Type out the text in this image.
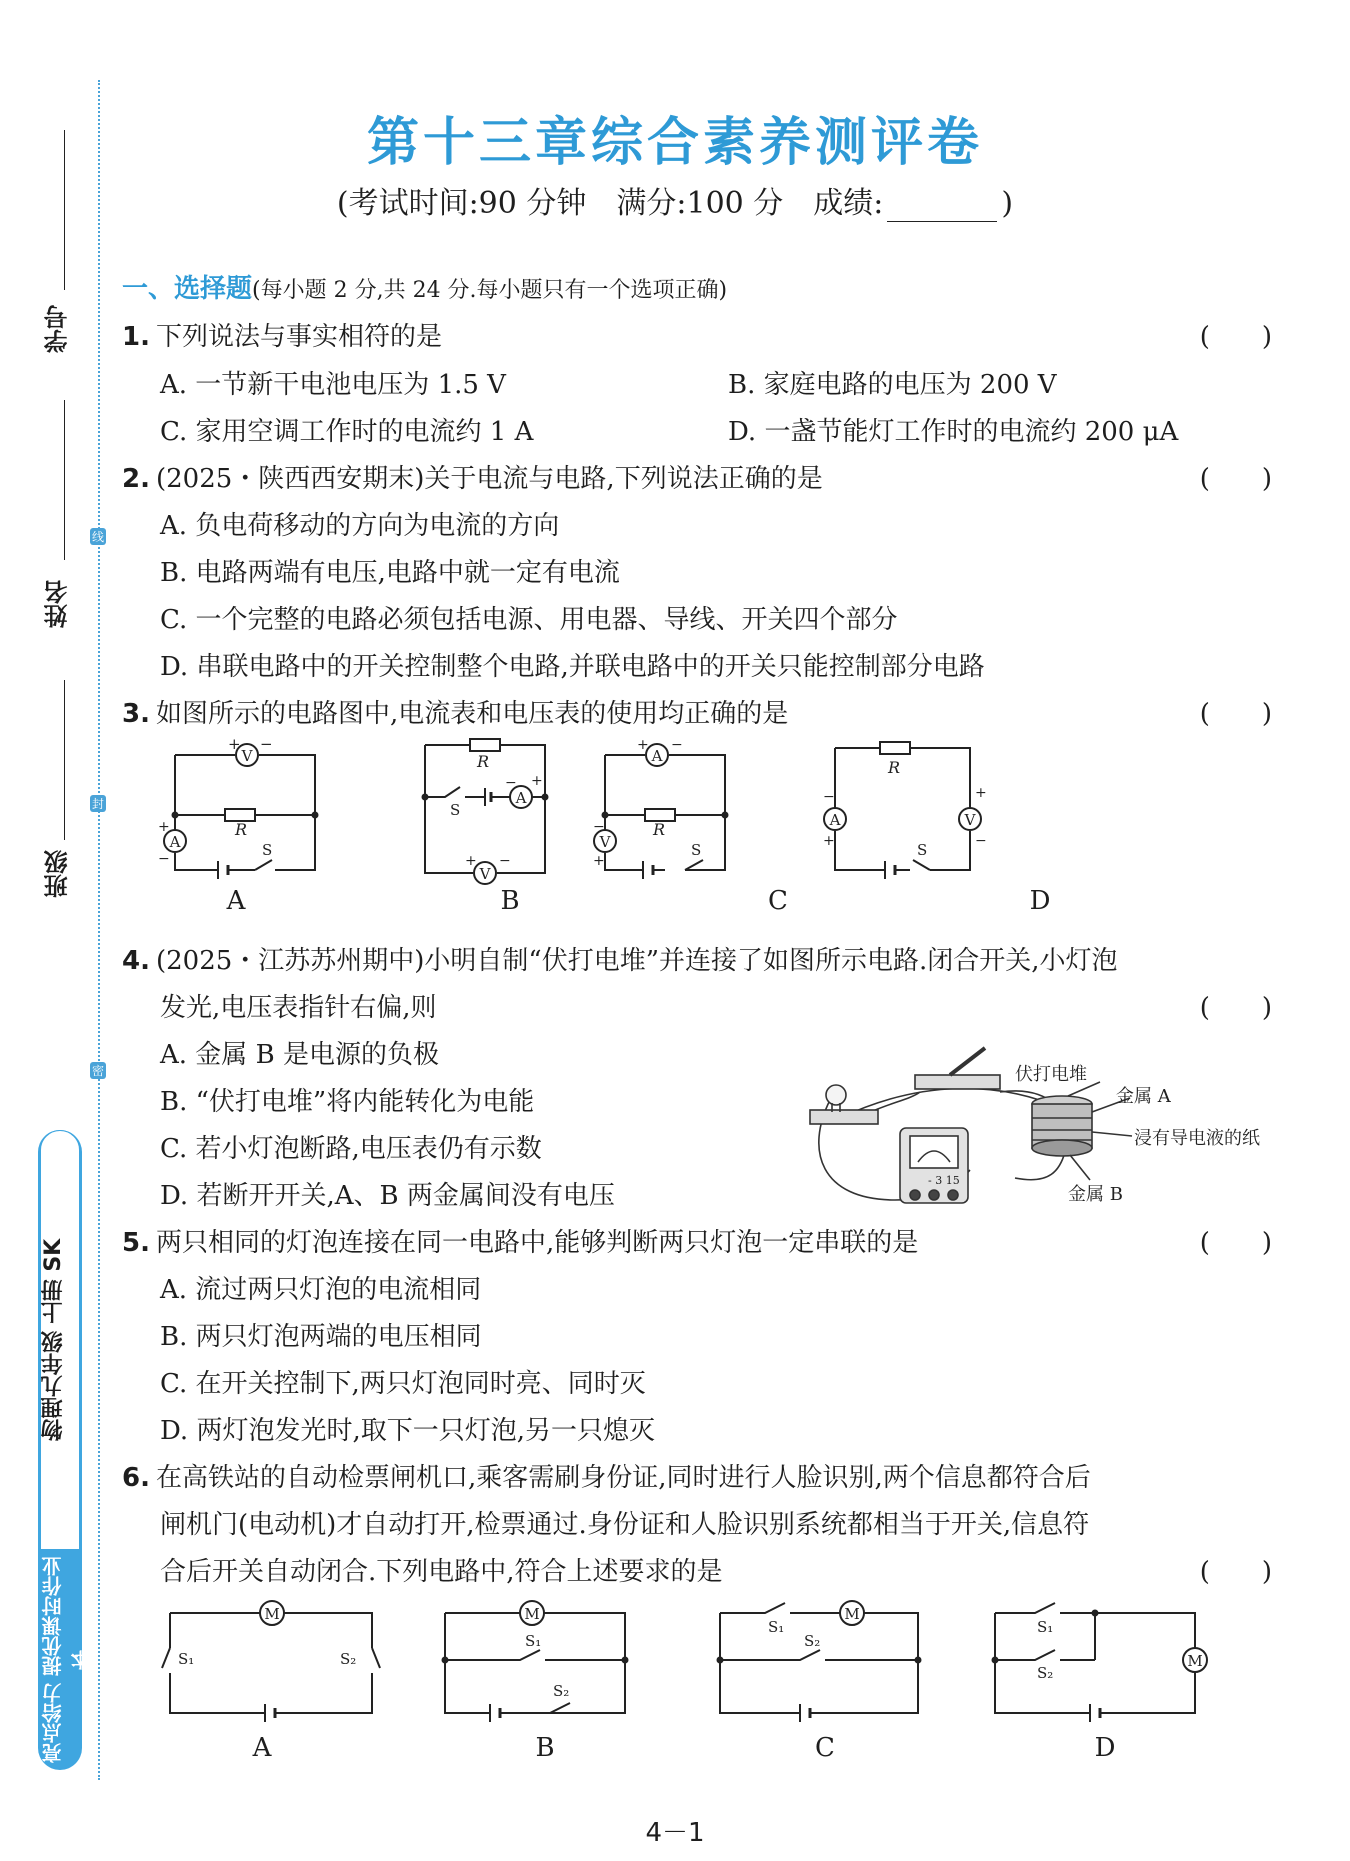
学号
姓名
班级
线
封
密
物理九年级 上册 SK
亮点给力 提优课时作业本
第十三章综合素养测评卷
(考试时间:90 分钟　满分:100 分　成绩:	)
一、选择题(每小题 2 分,共 24 分.每小题只有一个选项正确)
1. 下列说法与事实相符的是	(　　)
A. 一节新干电池电压为 1.5 V	B. 家庭电路的电压为 200 V
C. 家用空调工作时的电流约 1 A	D. 一盏节能灯工作时的电流约 200 μA
2. (2025・陕西西安期末)关于电流与电路,下列说法正确的是	(　　)
A. 负电荷移动的方向为电流的方向
B. 电路两端有电压,电路中就一定有电流
C. 一个完整的电路必须包括电源、用电器、导线、开关四个部分
D. 串联电路中的开关控制整个电路,并联电路中的开关只能控制部分电路
3. 如图所示的电路图中,电流表和电压表的使用均正确的是	(　　)
V
+ −
R
A
+
−	S
R
S
A
− +
V
+ −
A
+ −
R
V
−
+
S
R
A
−
+
V
+
−
S
A	B	C	D
4. (2025・江苏苏州期中)小明自制“伏打电堆”并连接了如图所示电路.闭合开关,小灯泡
发光,电压表指针右偏,则	(　　)
A. 金属 B 是电源的负极
B. “伏打电堆”将内能转化为电能
C. 若小灯泡断路,电压表仍有示数
D. 若断开开关,A、B 两金属间没有电压
- 3 15
伏打电堆
金属 A
浸有导电液的纸
金属 B
5. 两只相同的灯泡连接在同一电路中,能够判断两只灯泡一定串联的是	(　　)
A. 流过两只灯泡的电流相同
B. 两只灯泡两端的电压相同
C. 在开关控制下,两只灯泡同时亮、同时灭
D. 两灯泡发光时,取下一只灯泡,另一只熄灭
6. 在高铁站的自动检票闸机口,乘客需刷身份证,同时进行人脸识别,两个信息都符合后
闸机门(电动机)才自动打开,检票通过.身份证和人脸识别系统都相当于开关,信息符
合后开关自动闭合.下列电路中,符合上述要求的是	(　　)
M
S₁	S₂
M
S₁
S₂
S₁
M
S₂
S₁
S₂
M
A	B	C	D
4－1
